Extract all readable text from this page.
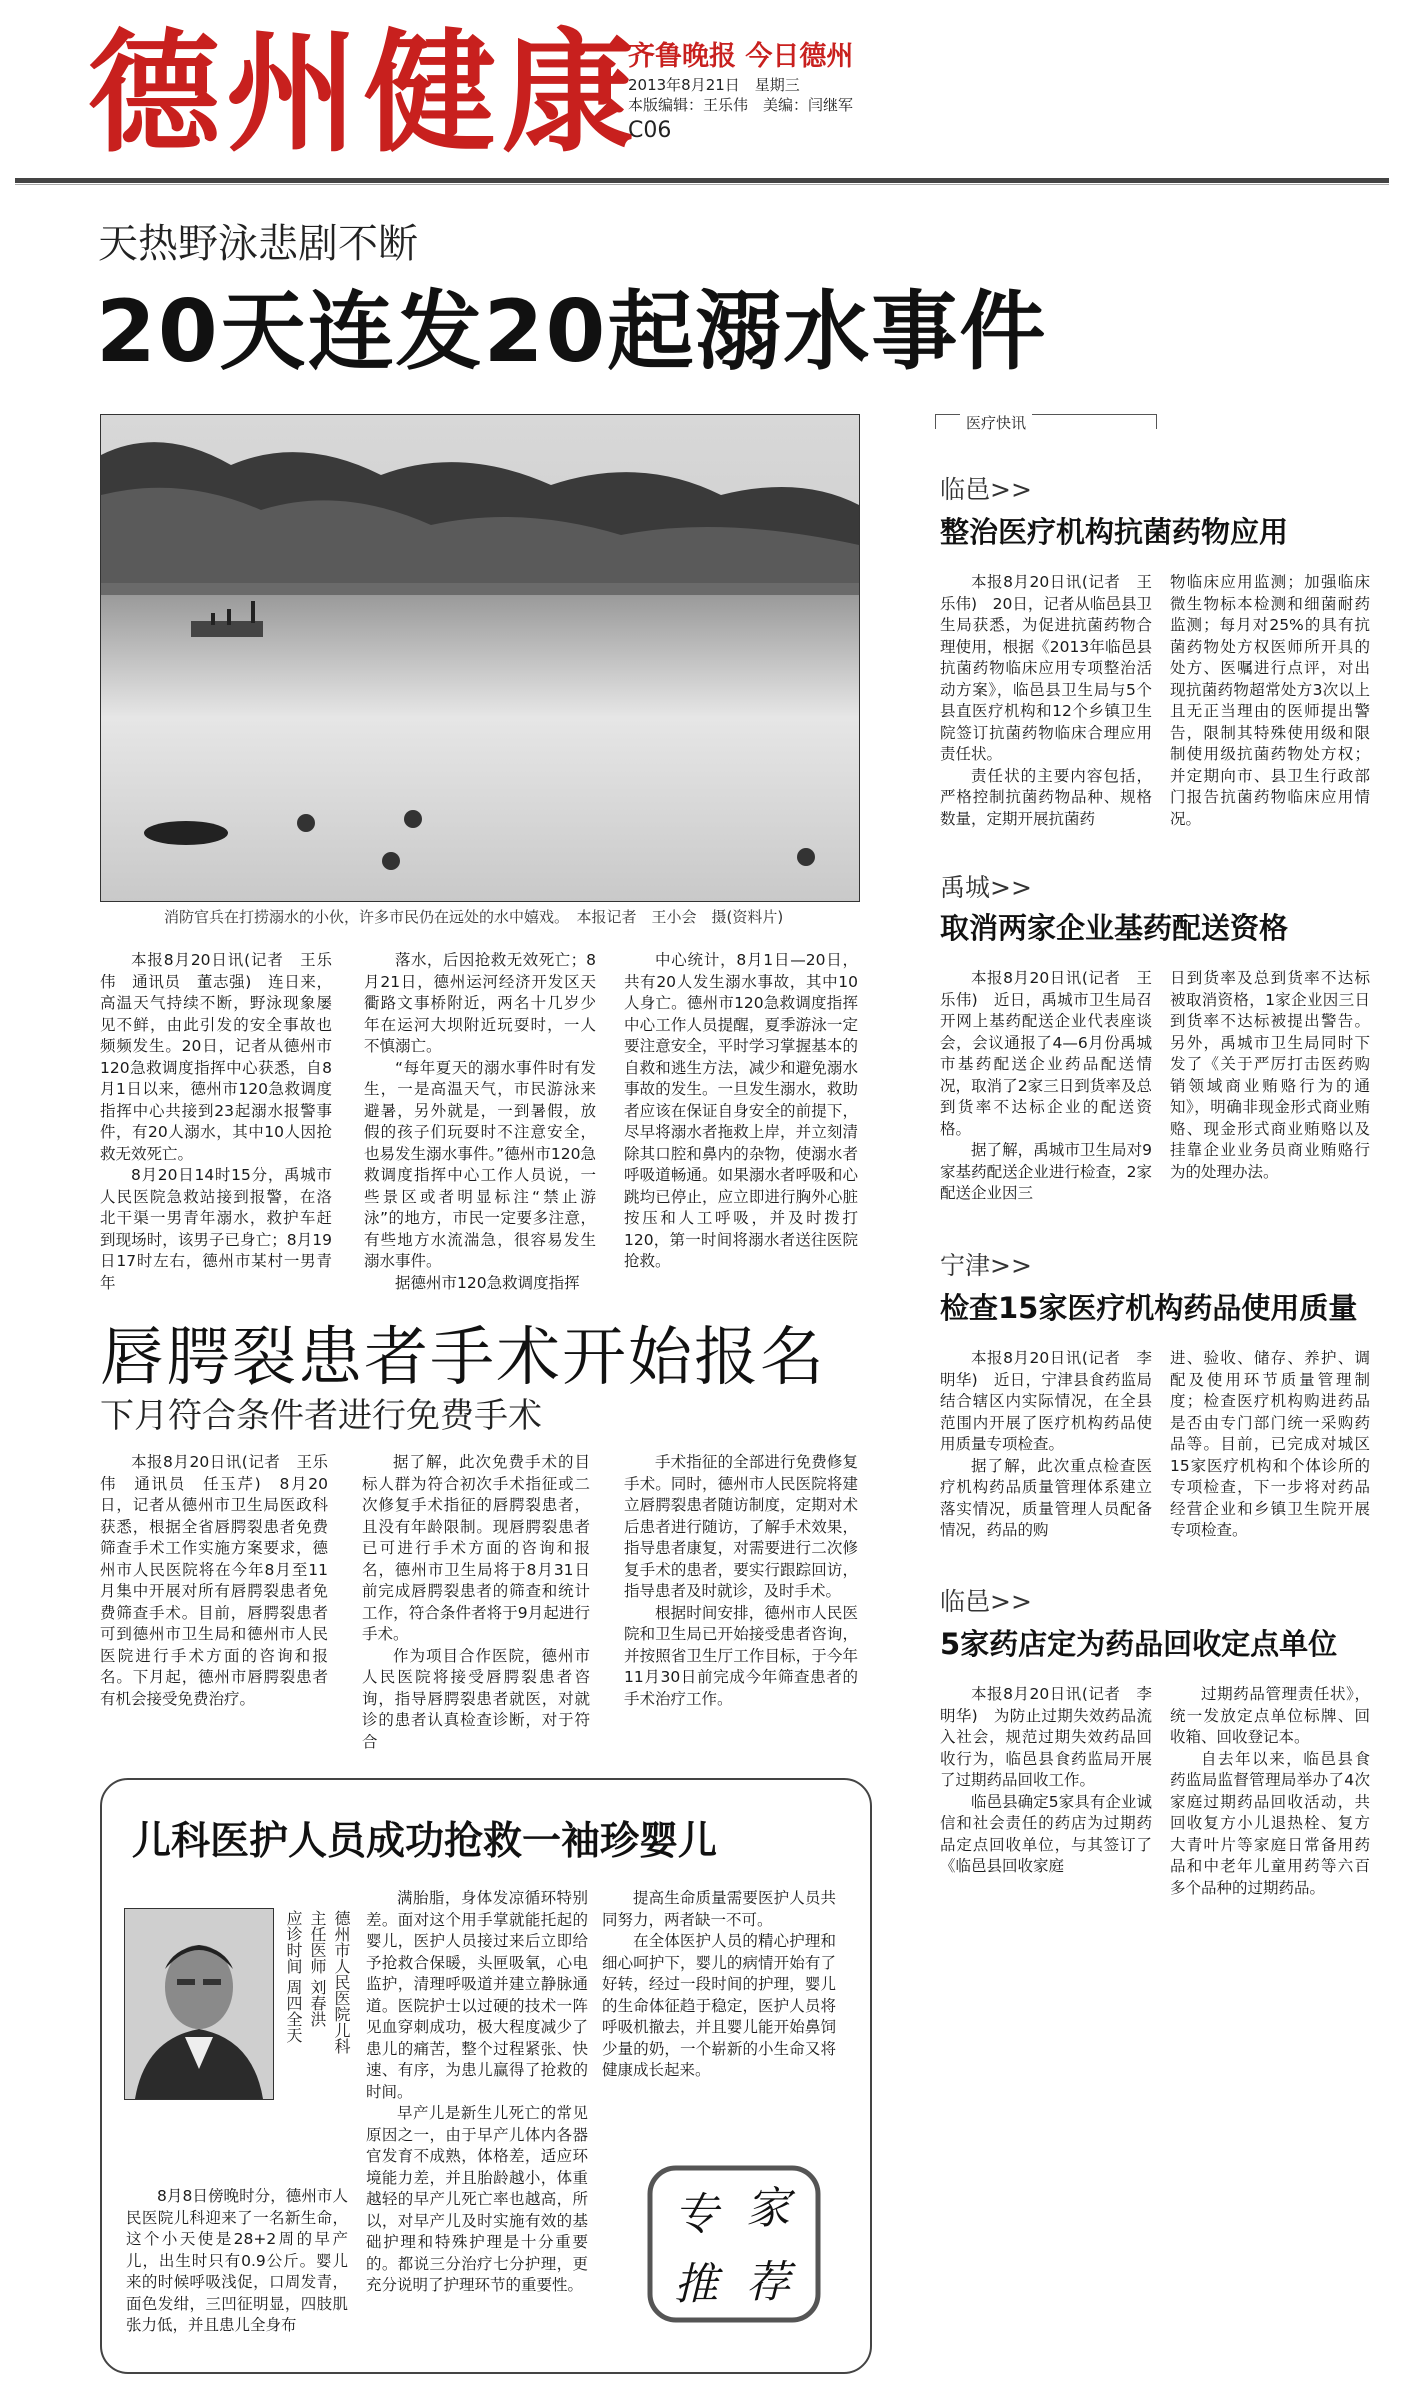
德州健康
齐鲁晚报 今日德州
2013年8月21日　星期三
本版编辑：王乐伟　美编：闫继军
C06
天热野泳悲剧不断
20天连发20起溺水事件
消防官兵在打捞溺水的小伙，许多市民仍在远处的水中嬉戏。　本报记者　王小会　摄(资料片)

本报8月20日讯(记者　王乐伟　通讯员　董志强)　连日来，高温天气持续不断，野泳现象屡见不鲜，由此引发的安全事故也频频发生。20日，记者从德州市120急救调度指挥中心获悉，自8月1日以来，德州市120急救调度指挥中心共接到23起溺水报警事件，有20人溺水，其中10人因抢救无效死亡。

8月20日14时15分，禹城市人民医院急救站接到报警，在洛北干渠一男青年溺水，救护车赶到现场时，该男子已身亡；8月19日17时左右，德州市某村一男青年

落水，后因抢救无效死亡；8月21日，德州运河经济开发区天衢路文事桥附近，两名十几岁少年在运河大坝附近玩耍时，一人不慎溺亡。

“每年夏天的溺水事件时有发生，一是高温天气，市民游泳来避暑，另外就是，一到暑假，放假的孩子们玩耍时不注意安全，也易发生溺水事件。”德州市120急救调度指挥中心工作人员说，一些景区或者明显标注“禁止游泳”的地方，市民一定要多注意，有些地方水流湍急，很容易发生溺水事件。

据德州市120急救调度指挥

中心统计，8月1日—20日，共有20人发生溺水事故，其中10人身亡。德州市120急救调度指挥中心工作人员提醒，夏季游泳一定要注意安全，平时学习掌握基本的自救和逃生方法，减少和避免溺水事故的发生。一旦发生溺水，救助者应该在保证自身安全的前提下，尽早将溺水者拖救上岸，并立刻清除其口腔和鼻内的杂物，使溺水者呼吸道畅通。如果溺水者呼吸和心跳均已停止，应立即进行胸外心脏按压和人工呼吸，并及时拨打120，第一时间将溺水者送往医院抢救。
唇腭裂患者手术开始报名
下月符合条件者进行免费手术
本报8月20日讯(记者　王乐伟　通讯员　任玉芹)　8月20日，记者从德州市卫生局医政科获悉，根据全省唇腭裂患者免费筛查手术工作实施方案要求，德州市人民医院将在今年8月至11月集中开展对所有唇腭裂患者免费筛查手术。目前，唇腭裂患者可到德州市卫生局和德州市人民医院进行手术方面的咨询和报名。下月起，德州市唇腭裂患者有机会接受免费治疗。

据了解，此次免费手术的目标人群为符合初次手术指征或二次修复手术指征的唇腭裂患者，且没有年龄限制。现唇腭裂患者已可进行手术方面的咨询和报名，德州市卫生局将于8月31日前完成唇腭裂患者的筛查和统计工作，符合条件者将于9月起进行手术。

作为项目合作医院，德州市人民医院将接受唇腭裂患者咨询，指导唇腭裂患者就医，对就诊的患者认真检查诊断，对于符合

手术指征的全部进行免费修复手术。同时，德州市人民医院将建立唇腭裂患者随访制度，定期对术后患者进行随访，了解手术效果，指导患者康复，对需要进行二次修复手术的患者，要实行跟踪回访，指导患者及时就诊，及时手术。

根据时间安排，德州市人民医院和卫生局已开始接受患者咨询，并按照省卫生厅工作目标，于今年11月30日前完成今年筛查患者的手术治疗工作。

儿科医护人员成功抢救一袖珍婴儿
应诊时间 周四全天 主任医师 刘春洪 德州市人民医院儿科
8月8日傍晚时分，德州市人民医院儿科迎来了一名新生命，这个小天使是28+2周的早产儿，出生时只有0.9公斤。婴儿来的时候呼吸浅促，口周发青，面色发绀，三凹征明显，四肢肌张力低，并且患儿全身布

满胎脂，身体发凉循环特别差。面对这个用手掌就能托起的婴儿，医护人员接过来后立即给予抢救合保暖，头匣吸氧，心电监护，清理呼吸道并建立静脉通道。医院护士以过硬的技术一阵见血穿刺成功，极大程度减少了患儿的痛苦，整个过程紧张、快速、有序，为患儿赢得了抢救的时间。

早产儿是新生儿死亡的常见原因之一，由于早产儿体内各器官发育不成熟，体格差，适应环境能力差，并且胎龄越小，体重越轻的早产儿死亡率也越高，所以，对早产儿及时实施有效的基础护理和特殊护理是十分重要的。都说三分治疗七分护理，更充分说明了护理环节的重要性。

提高生命质量需要医护人员共同努力，两者缺一不可。

在全体医护人员的精心护理和细心呵护下，婴儿的病情开始有了好转，经过一段时间的护理，婴儿的生命体征趋于稳定，医护人员将呼吸机撤去，并且婴儿能开始鼻饲少量的奶，一个崭新的小生命又将健康成长起来。

专 家
推 荐
医疗快讯
临邑>>
整治医疗机构抗菌药物应用

本报8月20日讯(记者　王乐伟)　20日，记者从临邑县卫生局获悉，为促进抗菌药物合理使用，根据《2013年临邑县抗菌药物临床应用专项整治活动方案》，临邑县卫生局与5个县直医疗机构和12个乡镇卫生院签订抗菌药物临床合理应用责任状。

责任状的主要内容包括，严格控制抗菌药物品种、规格数量，定期开展抗菌药

物临床应用监测；加强临床微生物标本检测和细菌耐药监测；每月对25%的具有抗菌药物处方权医师所开具的处方、医嘱进行点评，对出现抗菌药物超常处方3次以上且无正当理由的医师提出警告，限制其特殊使用级和限制使用级抗菌药物处方权；并定期向市、县卫生行政部门报告抗菌药物临床应用情况。
禹城>>
取消两家企业基药配送资格

本报8月20日讯(记者　王乐伟)　近日，禹城市卫生局召开网上基药配送企业代表座谈会，会议通报了4—6月份禹城市基药配送企业药品配送情况，取消了2家三日到货率及总到货率不达标企业的配送资格。

据了解，禹城市卫生局对9家基药配送企业进行检查，2家配送企业因三

日到货率及总到货率不达标被取消资格，1家企业因三日到货率不达标被提出警告。另外，禹城市卫生局同时下发了《关于严厉打击医药购销领域商业贿赂行为的通知》，明确非现金形式商业贿赂、现金形式商业贿赂以及挂靠企业业务员商业贿赂行为的处理办法。
宁津>>
检查15家医疗机构药品使用质量

本报8月20日讯(记者　李明华)　近日，宁津县食药监局结合辖区内实际情况，在全县范围内开展了医疗机构药品使用质量专项检查。

据了解，此次重点检查医疗机构药品质量管理体系建立落实情况，质量管理人员配备情况，药品的购

进、验收、储存、养护、调配及使用环节质量管理制度；检查医疗机构购进药品是否由专门部门统一采购药品等。目前，已完成对城区15家医疗机构和个体诊所的专项检查，下一步将对药品经营企业和乡镇卫生院开展专项检查。
临邑>>
5家药店定为药品回收定点单位

本报8月20日讯(记者　李明华)　为防止过期失效药品流入社会，规范过期失效药品回收行为，临邑县食药监局开展了过期药品回收工作。

临邑县确定5家具有企业诚信和社会责任的药店为过期药品定点回收单位，与其签订了《临邑县回收家庭

过期药品管理责任状》，统一发放定点单位标牌、回收箱、回收登记本。

自去年以来，临邑县食药监局监督管理局举办了4次家庭过期药品回收活动，共回收复方小儿退热栓、复方大青叶片等家庭日常备用药品和中老年儿童用药等六百多个品种的过期药品。
